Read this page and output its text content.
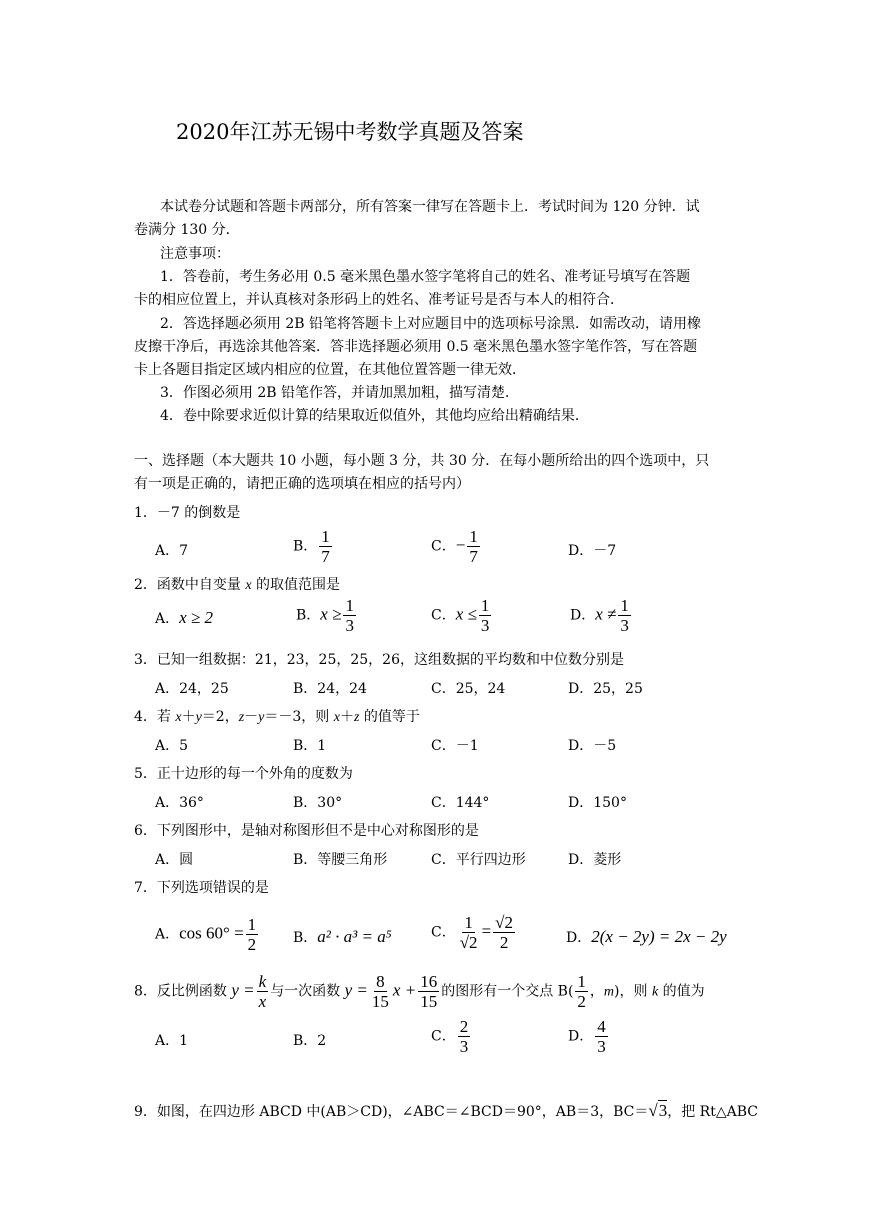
2020年江苏无锡中考数学真题及答案
本试卷分试题和答题卡两部分，所有答案一律写在答题卡上．考试时间为 120 分钟．试
卷满分 130 分．
注意事项：
1．答卷前，考生务必用 0.5 毫米黑色墨水签字笔将自己的姓名、准考证号填写在答题
卡的相应位置上，并认真核对条形码上的姓名、准考证号是否与本人的相符合．
2．答选择题必须用 2B 铅笔将答题卡上对应题目中的选项标号涂黑．如需改动，请用橡
皮擦干净后，再选涂其他答案．答非选择题必须用 0.5 毫米黑色墨水签字笔作答，写在答题
卡上各题目指定区域内相应的位置，在其他位置答题一律无效．
3．作图必须用 2B 铅笔作答，并请加黑加粗，描写清楚．
4．卷中除要求近似计算的结果取近似值外，其他均应给出精确结果．
一、选择题（本大题共 10 小题，每小题 3 分，共 30 分．在每小题所给出的四个选项中，只
有一项是正确的，请把正确的选项填在相应的括号内）
1．－7 的倒数是
A．7	B． $\frac{1}{7}$	C．− $\frac{1}{7}$	D．－7
2．函数中自变量 x 的取值范围是
A．x ≥ 2	B．$x \ge \frac{1}{3}$	C．$x \le \frac{1}{3}$	D．$x \ne \frac{1}{3}$
3．已知一组数据：21，23，25，25，26，这组数据的平均数和中位数分别是
A．24，25	B．24，24	C．25，24	D．25，25
4．若 x＋y＝2，z－y＝－3，则 x＋z 的值等于
A．5	B．1	C．－1	D．－5
5．正十边形的每一个外角的度数为
A．36°	B．30°	C．144°	D．150°
6．下列图形中，是轴对称图形但不是中心对称图形的是
A．圆	B．等腰三角形	C．平行四边形	D．菱形
7．下列选项错误的是
A．$\cos 60^\circ = \frac{1}{2}$ B．a² · a³ = a⁵	C． $\frac{1}{√2} = \frac{√2}{2}$	D．2(x − 2y) = 2x − 2y
8．反比例函数 $y = \frac{k}{x}$ 与一次函数 $y = \frac{8}{15}$ $x + \frac{16}{15}$ 的图形有一个交点 $B( \frac{1}{2}$ ，m)，则 k 的值为
A．1	B．2	C． $\frac{2}{3}$	D． $\frac{4}{3}$
9．如图，在四边形 ABCD 中(AB＞CD)，∠ABC＝∠BCD＝90°，AB＝3，BC＝√3，把 Rt△ABC
